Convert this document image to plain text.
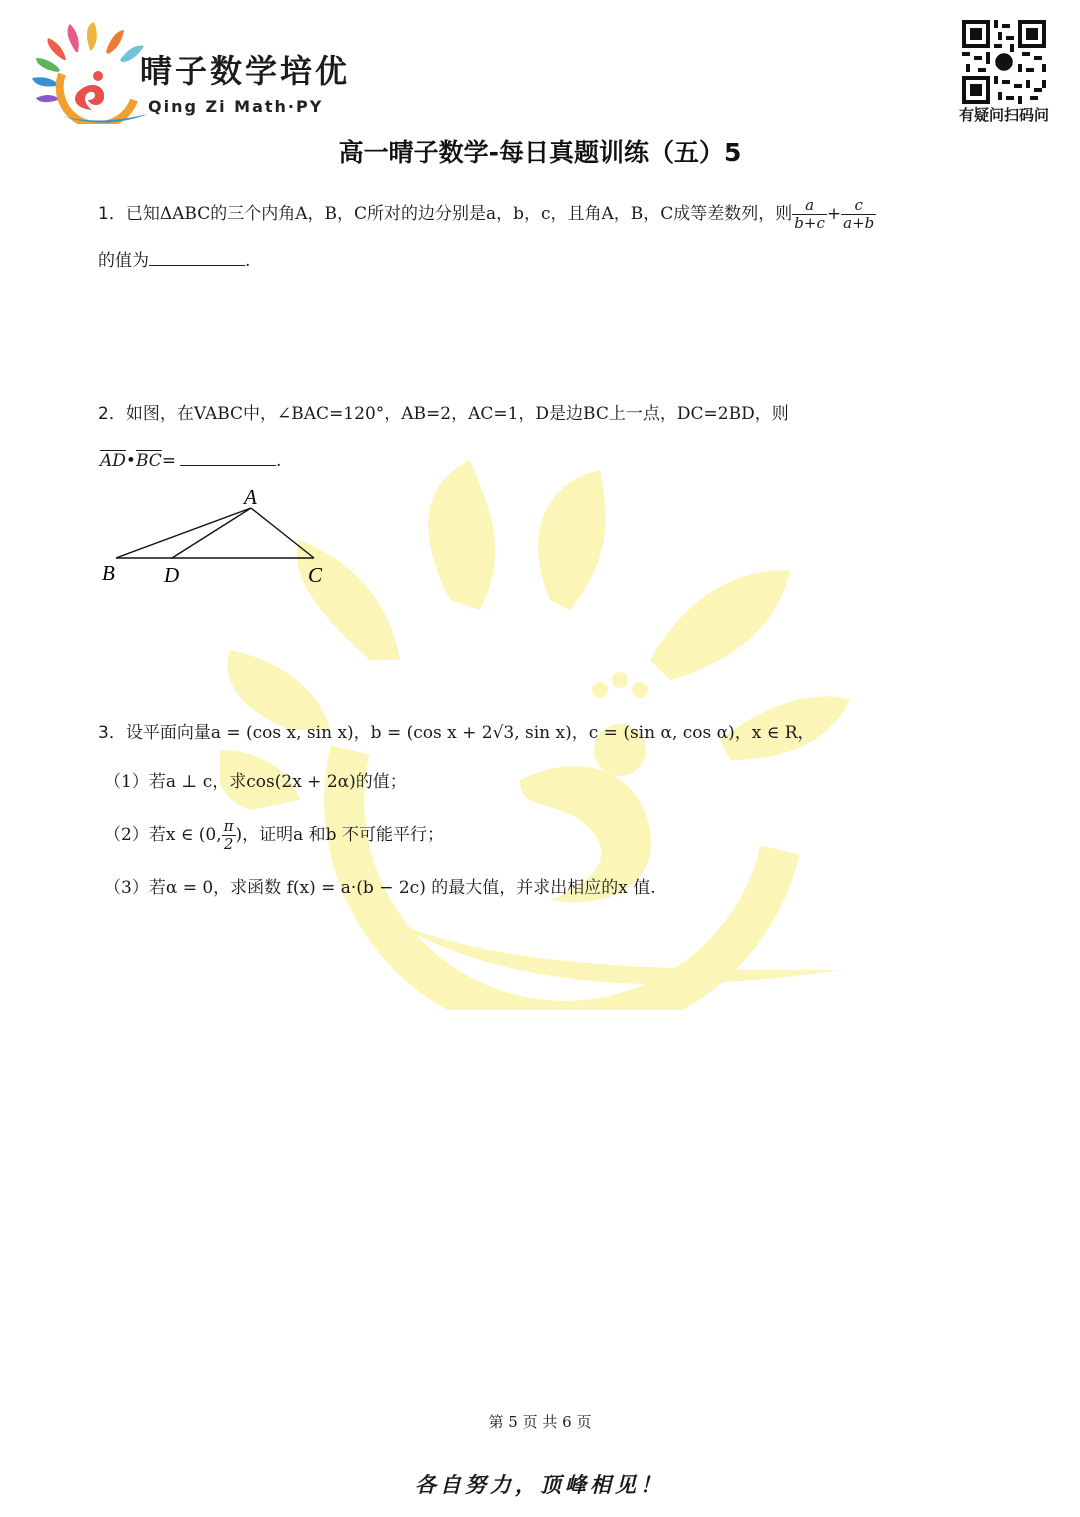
晴子数学培优
Qing Zi Math·PY	有疑问扫码问
高一晴子数学-每日真题训练（五）5
1．已知ΔABC的三个内角A，B，C所对的边分别是a，b，c，且角A，B，C成等差数列，则 $\frac{a}{b+c} + \frac{c}{a+b}$
的值为	.
2．如图，在VABC中，∠BAC=120°，AB=2，AC=1，D是边BC上一点，DC=2BD，则
$\overline{AD}•\overline{BC}=$	.
A
B D	C
3．设平面向量a = (cos x, sin x)，b = (cos x + 2√3, sin x)，c = (sin α, cos α)，x ∈ R，
（1）若a ⊥ c，求cos(2x + 2α)的值；
（2）若x ∈ (0, $\frac{\pi}{2}$ )，证明a 和b 不可能平行；
（3）若α = 0，求函数 f(x) = a·(b − 2c) 的最大值，并求出相应的x 值.
第 5 页 共 6 页
各自努力，顶峰相见！
